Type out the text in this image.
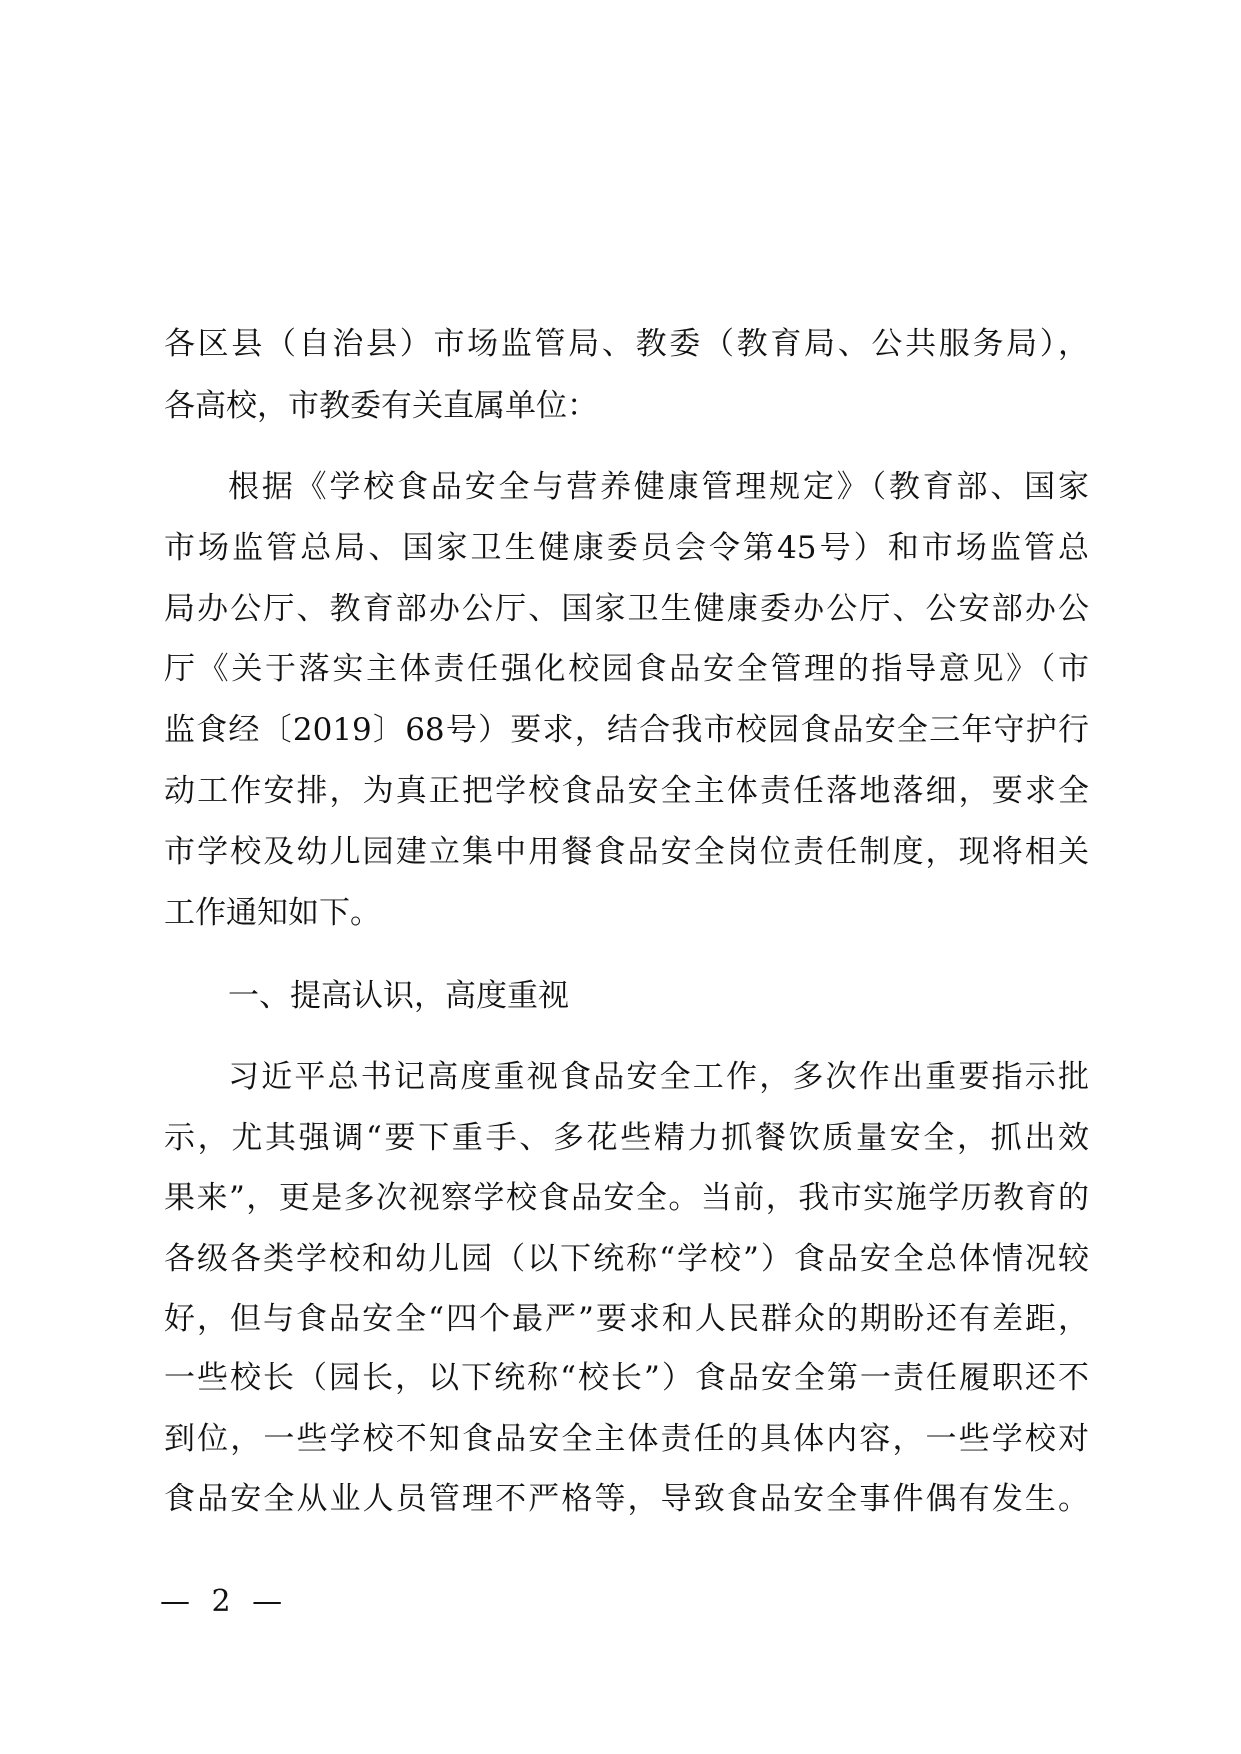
各区县（自治县）市场监管局、教委（教育局、公共服务局），
各高校，市教委有关直属单位：
根据《学校食品安全与营养健康管理规定》（教育部、国家
市场监管总局、国家卫生健康委员会令第45号）和市场监管总
局办公厅、教育部办公厅、国家卫生健康委办公厅、公安部办公
厅《关于落实主体责任强化校园食品安全管理的指导意见》（市
监食经〔2019〕68号）要求，结合我市校园食品安全三年守护行
动工作安排，为真正把学校食品安全主体责任落地落细，要求全
市学校及幼儿园建立集中用餐食品安全岗位责任制度，现将相关
工作通知如下。
一、提高认识，高度重视
习近平总书记高度重视食品安全工作，多次作出重要指示批
示，尤其强调“要下重手、多花些精力抓餐饮质量安全，抓出效
果来”，更是多次视察学校食品安全。当前，我市实施学历教育的
各级各类学校和幼儿园（以下统称“学校”）食品安全总体情况较
好，但与食品安全“四个最严”要求和人民群众的期盼还有差距，
一些校长（园长，以下统称“校长”）食品安全第一责任履职还不
到位，一些学校不知食品安全主体责任的具体内容，一些学校对
食品安全从业人员管理不严格等，导致食品安全事件偶有发生。
— 2 —
